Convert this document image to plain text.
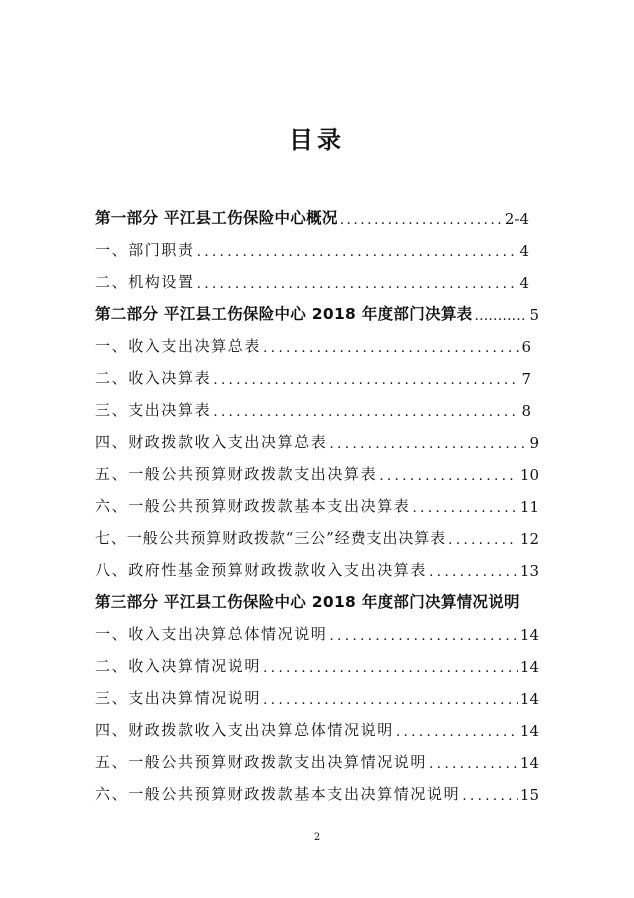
目录
第一部分 平江县工伤保险中心概况 .....	2-4
一、部门职责 .....	4
二、机构设置 .....	4
第二部分 平江县工伤保险中心 2018 年度部门决算表 .....	5
一、收入支出决算总表 .....	6
二、收入决算表 .....	7
三、支出决算表 .....	8
四、财政拨款收入支出决算总表 .....	9
五、一般公共预算财政拨款支出决算表 .....	10
六、一般公共预算财政拨款基本支出决算表 .....	11
七、一般公共预算财政拨款“三公”经费支出决算表 .....	12
八、政府性基金预算财政拨款收入支出决算表 .....	13
第三部分 平江县工伤保险中心 2018 年度部门决算情况说明
一、收入支出决算总体情况说明 .....	14
二、收入决算情况说明 .....	14
三、支出决算情况说明 .....	14
四、财政拨款收入支出决算总体情况说明 .....	14
五、一般公共预算财政拨款支出决算情况说明 .....	14
六、一般公共预算财政拨款基本支出决算情况说明 .....	15
2
